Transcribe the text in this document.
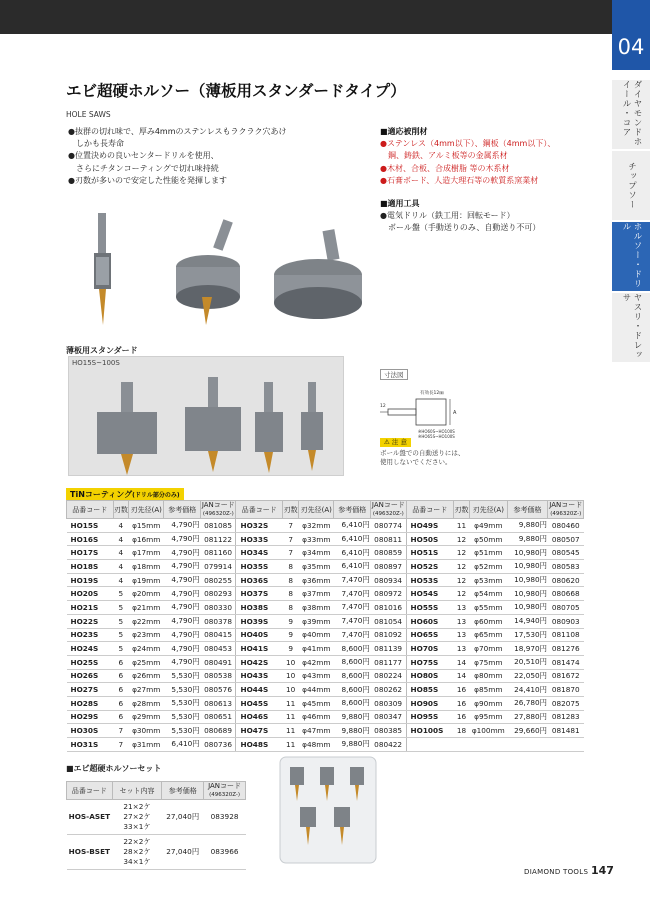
04
ダイヤモンドホイール・コア
チップソー
ホルソー・ドリル
ヤスリ・ドレッサ
エビ超硬ホルソー（薄板用スタンダードタイプ）
HOLE SAWS
●抜群の切れ味で、厚み4mmのステンレスもラクラク穴あけ
　しかも長寿命
●位置決めの良いセンタードリルを使用、
　さらにチタンコーティングで切れ味持続
●刃数が多いので安定した性能を発揮します
■適応被削材
●ステンレス（4mm以下）、鋼板（4mm以下）、
　鋼、鋳鉄、アルミ板等の金属系材
●木材、合板、合成樹脂 等の木系材
●石膏ボード、人造大理石等の軟質系窯業材
■適用工具
●電気ドリル（鉄工用：回転モード）
　ボール盤（手動送りのみ、自動送り不可）
薄板用スタンダード
HO15S~100S
寸法図
有効長12㎜
12
A
※HO60S~HO100S
※HO65S~HO100S
⚠ 注 意
ボール盤での自動送りには、
使用しないでください。
TiNコーティング(ドリル部分のみ)
品番コード	刃数	刃先径(A)	参考価格	JANコード
(496320Z-)	品番コード	刃数	刃先径(A)	参考価格	JANコード
(496320Z-)	品番コード	刃数	刃先径(A)	参考価格	JANコード
(496320Z-)
HO15S	4	φ15mm	4,790円	081085	HO32S	7	φ32mm	6,410円	080774	HO49S	11	φ49mm	9,880円	080460
HO16S	4	φ16mm	4,790円	081122	HO33S	7	φ33mm	6,410円	080811	HO50S	12	φ50mm	9,880円	080507
HO17S	4	φ17mm	4,790円	081160	HO34S	7	φ34mm	6,410円	080859	HO51S	12	φ51mm	10,980円	080545
HO18S	4	φ18mm	4,790円	079914	HO35S	8	φ35mm	6,410円	080897	HO52S	12	φ52mm	10,980円	080583
HO19S	4	φ19mm	4,790円	080255	HO36S	8	φ36mm	7,470円	080934	HO53S	12	φ53mm	10,980円	080620
HO20S	5	φ20mm	4,790円	080293	HO37S	8	φ37mm	7,470円	080972	HO54S	12	φ54mm	10,980円	080668
HO21S	5	φ21mm	4,790円	080330	HO38S	8	φ38mm	7,470円	081016	HO55S	13	φ55mm	10,980円	080705
HO22S	5	φ22mm	4,790円	080378	HO39S	9	φ39mm	7,470円	081054	HO60S	13	φ60mm	14,940円	080903
HO23S	5	φ23mm	4,790円	080415	HO40S	9	φ40mm	7,470円	081092	HO65S	13	φ65mm	17,530円	081108
HO24S	5	φ24mm	4,790円	080453	HO41S	9	φ41mm	8,600円	081139	HO70S	13	φ70mm	18,970円	081276
HO25S	6	φ25mm	4,790円	080491	HO42S	10	φ42mm	8,600円	081177	HO75S	14	φ75mm	20,510円	081474
HO26S	6	φ26mm	5,530円	080538	HO43S	10	φ43mm	8,600円	080224	HO80S	14	φ80mm	22,050円	081672
HO27S	6	φ27mm	5,530円	080576	HO44S	10	φ44mm	8,600円	080262	HO85S	16	φ85mm	24,410円	081870
HO28S	6	φ28mm	5,530円	080613	HO45S	11	φ45mm	8,600円	080309	HO90S	16	φ90mm	26,780円	082075
HO29S	6	φ29mm	5,530円	080651	HO46S	11	φ46mm	9,880円	080347	HO95S	16	φ95mm	27,880円	081283
HO30S	7	φ30mm	5,530円	080689	HO47S	11	φ47mm	9,880円	080385	HO100S	18	φ100mm	29,660円	081481
HO31S	7	φ31mm	6,410円	080736	HO48S	11	φ48mm	9,880円	080422					
■エビ超硬ホルソーセット
品番コード	セット内容	参考価格	JANコード
(496320Z-)
HOS-ASET	21×2ケ
27×2ケ
33×1ケ	27,040円	083928
HOS-BSET	22×2ケ
28×2ケ
34×1ケ	27,040円	083966
DIAMOND TOOLS 147
